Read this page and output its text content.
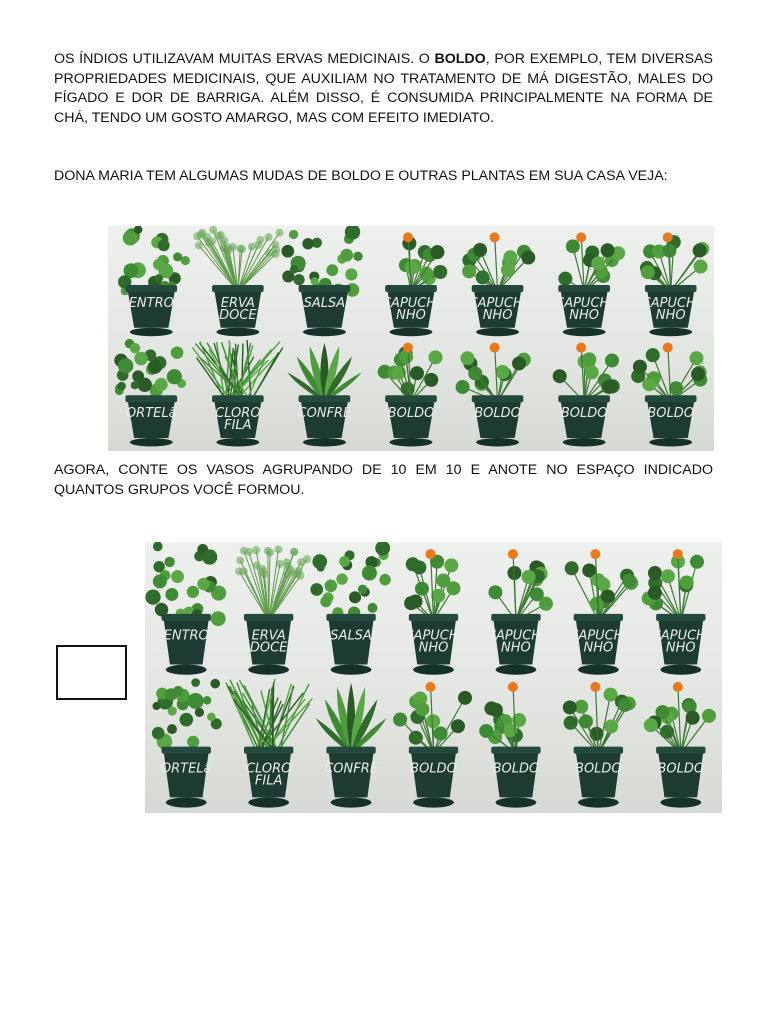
OS ÍNDIOS UTILIZAVAM MUITAS ERVAS MEDICINAIS. O BOLDO, POR EXEMPLO, TEM DIVERSAS PROPRIEDADES MEDICINAIS, QUE AUXILIAM NO TRATAMENTO DE MÁ DIGESTÃO, MALES DO FÍGADO E DOR DE BARRIGA. ALÉM DISSO, É CONSUMIDA PRINCIPALMENTE NA FORMA DE CHÁ, TENDO UM GOSTO AMARGO, MAS COM EFEITO IMEDIATO.

DONA MARIA TEM ALGUMAS MUDAS DE BOLDO E OUTRAS PLANTAS EM SUA CASA VEJA:

ENTRO	ERVA
DOCE
SALSA	CAPUCHI
NHO
CAPUCHI
NHO
CAPUCHI
NHO
CAPUCHI
NHO
ORTELã	CLORO
FILA
CONFRE	BOLDO	BOLDO	BOLDO	BOLDO

AGORA, CONTE OS VASOS AGRUPANDO DE 10 EM 10 E ANOTE NO ESPAÇO INDICADO QUANTOS GRUPOS VOCÊ FORMOU.

ENTRO	ERVA
DOCE
SALSA	CAPUCHI
NHO
CAPUCHI
NHO
CAPUCHI
NHO
CAPUCHI
NHO
ORTELã	CLORO
FILA
CONFRE BOLDO	BOLDO	BOLDO	BOLDO
